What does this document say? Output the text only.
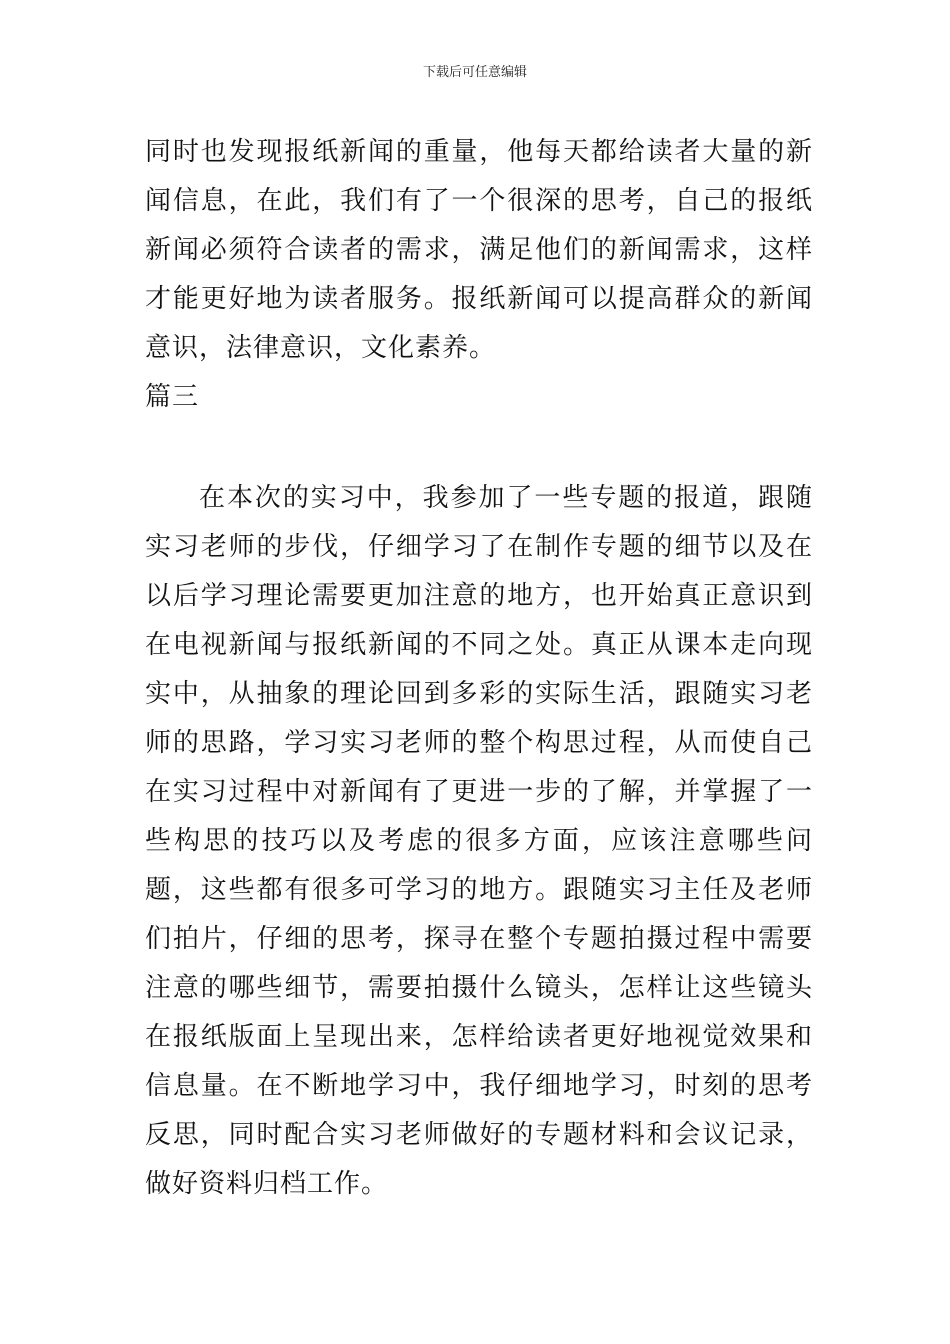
下载后可任意编辑

同时也发现报纸新闻的重量，他每天都给读者大量的新闻信息，在此，我们有了一个很深的思考，自己的报纸新闻必须符合读者的需求，满足他们的新闻需求，这样才能更好地为读者服务。报纸新闻可以提高群众的新闻意识，法律意识，文化素养。

篇三

在本次的实习中，我参加了一些专题的报道，跟随实习老师的步伐，仔细学习了在制作专题的细节以及在以后学习理论需要更加注意的地方，也开始真正意识到在电视新闻与报纸新闻的不同之处。真正从课本走向现实中，从抽象的理论回到多彩的实际生活，跟随实习老师的思路，学习实习老师的整个构思过程，从而使自己在实习过程中对新闻有了更进一步的了解，并掌握了一些构思的技巧以及考虑的很多方面，应该注意哪些问题，这些都有很多可学习的地方。跟随实习主任及老师们拍片，仔细的思考，探寻在整个专题拍摄过程中需要注意的哪些细节，需要拍摄什么镜头，怎样让这些镜头在报纸版面上呈现出来，怎样给读者更好地视觉效果和信息量。在不断地学习中，我仔细地学习，时刻的思考反思，同时配合实习老师做好的专题材料和会议记录，做好资料归档工作。
